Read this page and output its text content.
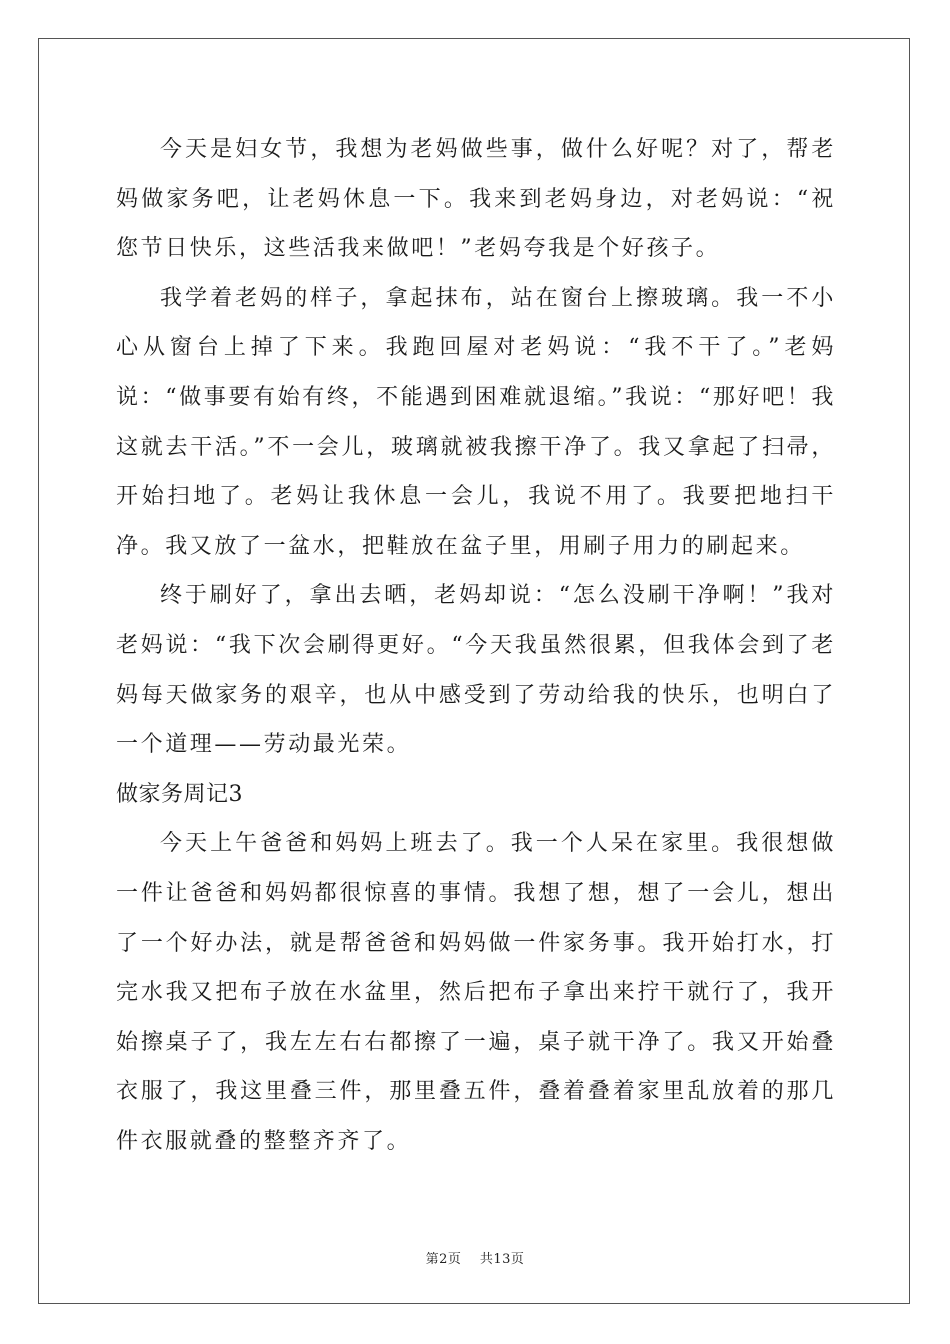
今天是妇女节，我想为老妈做些事，做什么好呢？对了，帮老妈做家务吧，让老妈休息一下。我来到老妈身边，对老妈说：“祝您节日快乐，这些活我来做吧！”老妈夸我是个好孩子。

我学着老妈的样子，拿起抹布，站在窗台上擦玻璃。我一不小心从窗台上掉了下来。我跑回屋对老妈说：“我不干了。”老妈说：“做事要有始有终，不能遇到困难就退缩。”我说：“那好吧！我这就去干活。”不一会儿，玻璃就被我擦干净了。我又拿起了扫帚，开始扫地了。老妈让我休息一会儿，我说不用了。我要把地扫干净。我又放了一盆水，把鞋放在盆子里，用刷子用力的刷起来。

终于刷好了，拿出去晒，老妈却说：“怎么没刷干净啊！”我对老妈说：“我下次会刷得更好。“今天我虽然很累，但我体会到了老妈每天做家务的艰辛，也从中感受到了劳动给我的快乐，也明白了一个道理——劳动最光荣。

做家务周记3

今天上午爸爸和妈妈上班去了。我一个人呆在家里。我很想做一件让爸爸和妈妈都很惊喜的事情。我想了想，想了一会儿，想出了一个好办法，就是帮爸爸和妈妈做一件家务事。我开始打水，打完水我又把布子放在水盆里，然后把布子拿出来拧干就行了，我开始擦桌子了，我左左右右都擦了一遍，桌子就干净了。我又开始叠衣服了，我这里叠三件，那里叠五件，叠着叠着家里乱放着的那几件衣服就叠的整整齐齐了。

第2页 共13页
